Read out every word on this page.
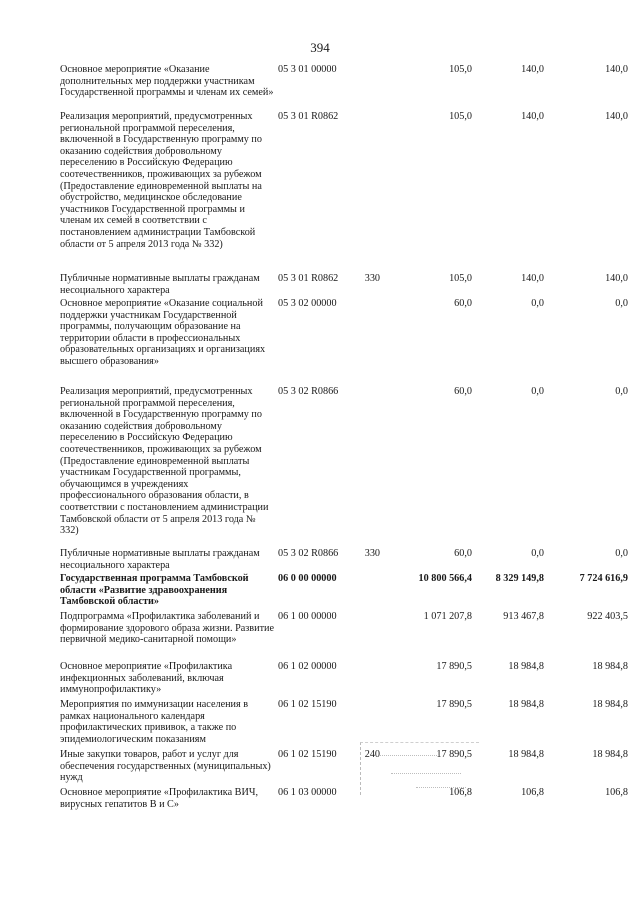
394
Основное мероприятие «Оказание дополнительных мер поддержки участникам Государственной программы и членам их семей»	05 3 01 00000		105,0	140,0	140,0
Реализация мероприятий, предусмотренных региональной программой переселения, включенной в Государственную программу по оказанию содействия добровольному переселению в Российскую Федерацию соотечественников, проживающих за рубежом (Предоставление единовременной выплаты на обустройство, медицинское обследование участников Государственной программы и членам их семей в соответствии с постановлением администрации Тамбовской области от 5 апреля 2013 года № 332)	05 3 01 R0862		105,0	140,0	140,0
Публичные нормативные выплаты гражданам несоциального характера	05 3 01 R0862	330	105,0	140,0	140,0
Основное мероприятие «Оказание социальной поддержки участникам Государственной программы, получающим образование на территории области в профессиональных образовательных организациях и организациях высшего образования»	05 3 02 00000		60,0	0,0	0,0
Реализация мероприятий, предусмотренных региональной программой переселения, включенной в Государственную программу по оказанию содействия добровольному переселению в Российскую Федерацию соотечественников, проживающих за рубежом (Предоставление единовременной выплаты участникам Государственной программы, обучающимся в учреждениях профессионального образования области, в соответствии с постановлением администрации Тамбовской области от 5 апреля 2013 года № 332)	05 3 02 R0866		60,0	0,0	0,0
Публичные нормативные выплаты гражданам несоциального характера	05 3 02 R0866	330	60,0	0,0	0,0
Государственная программа Тамбовской области «Развитие здравоохранения Тамбовской области»	06 0 00 00000		10 800 566,4	8 329 149,8	7 724 616,9
Подпрограмма «Профилактика заболеваний и формирование здорового образа жизни. Развитие первичной медико-санитарной помощи»	06 1 00 00000		1 071 207,8	913 467,8	922 403,5
Основное мероприятие «Профилактика инфекционных заболеваний, включая иммунопрофилактику»	06 1 02 00000		17 890,5	18 984,8	18 984,8
Мероприятия по иммунизации населения в рамках национального календаря профилактических прививок, а также по эпидемиологическим показаниям	06 1 02 15190		17 890,5	18 984,8	18 984,8
Иные закупки товаров, работ и услуг для обеспечения государственных (муниципальных) нужд	06 1 02 15190	240	17 890,5	18 984,8	18 984,8
Основное мероприятие «Профилактика ВИЧ, вирусных гепатитов В и С»	06 1 03 00000		106,8	106,8	106,8
